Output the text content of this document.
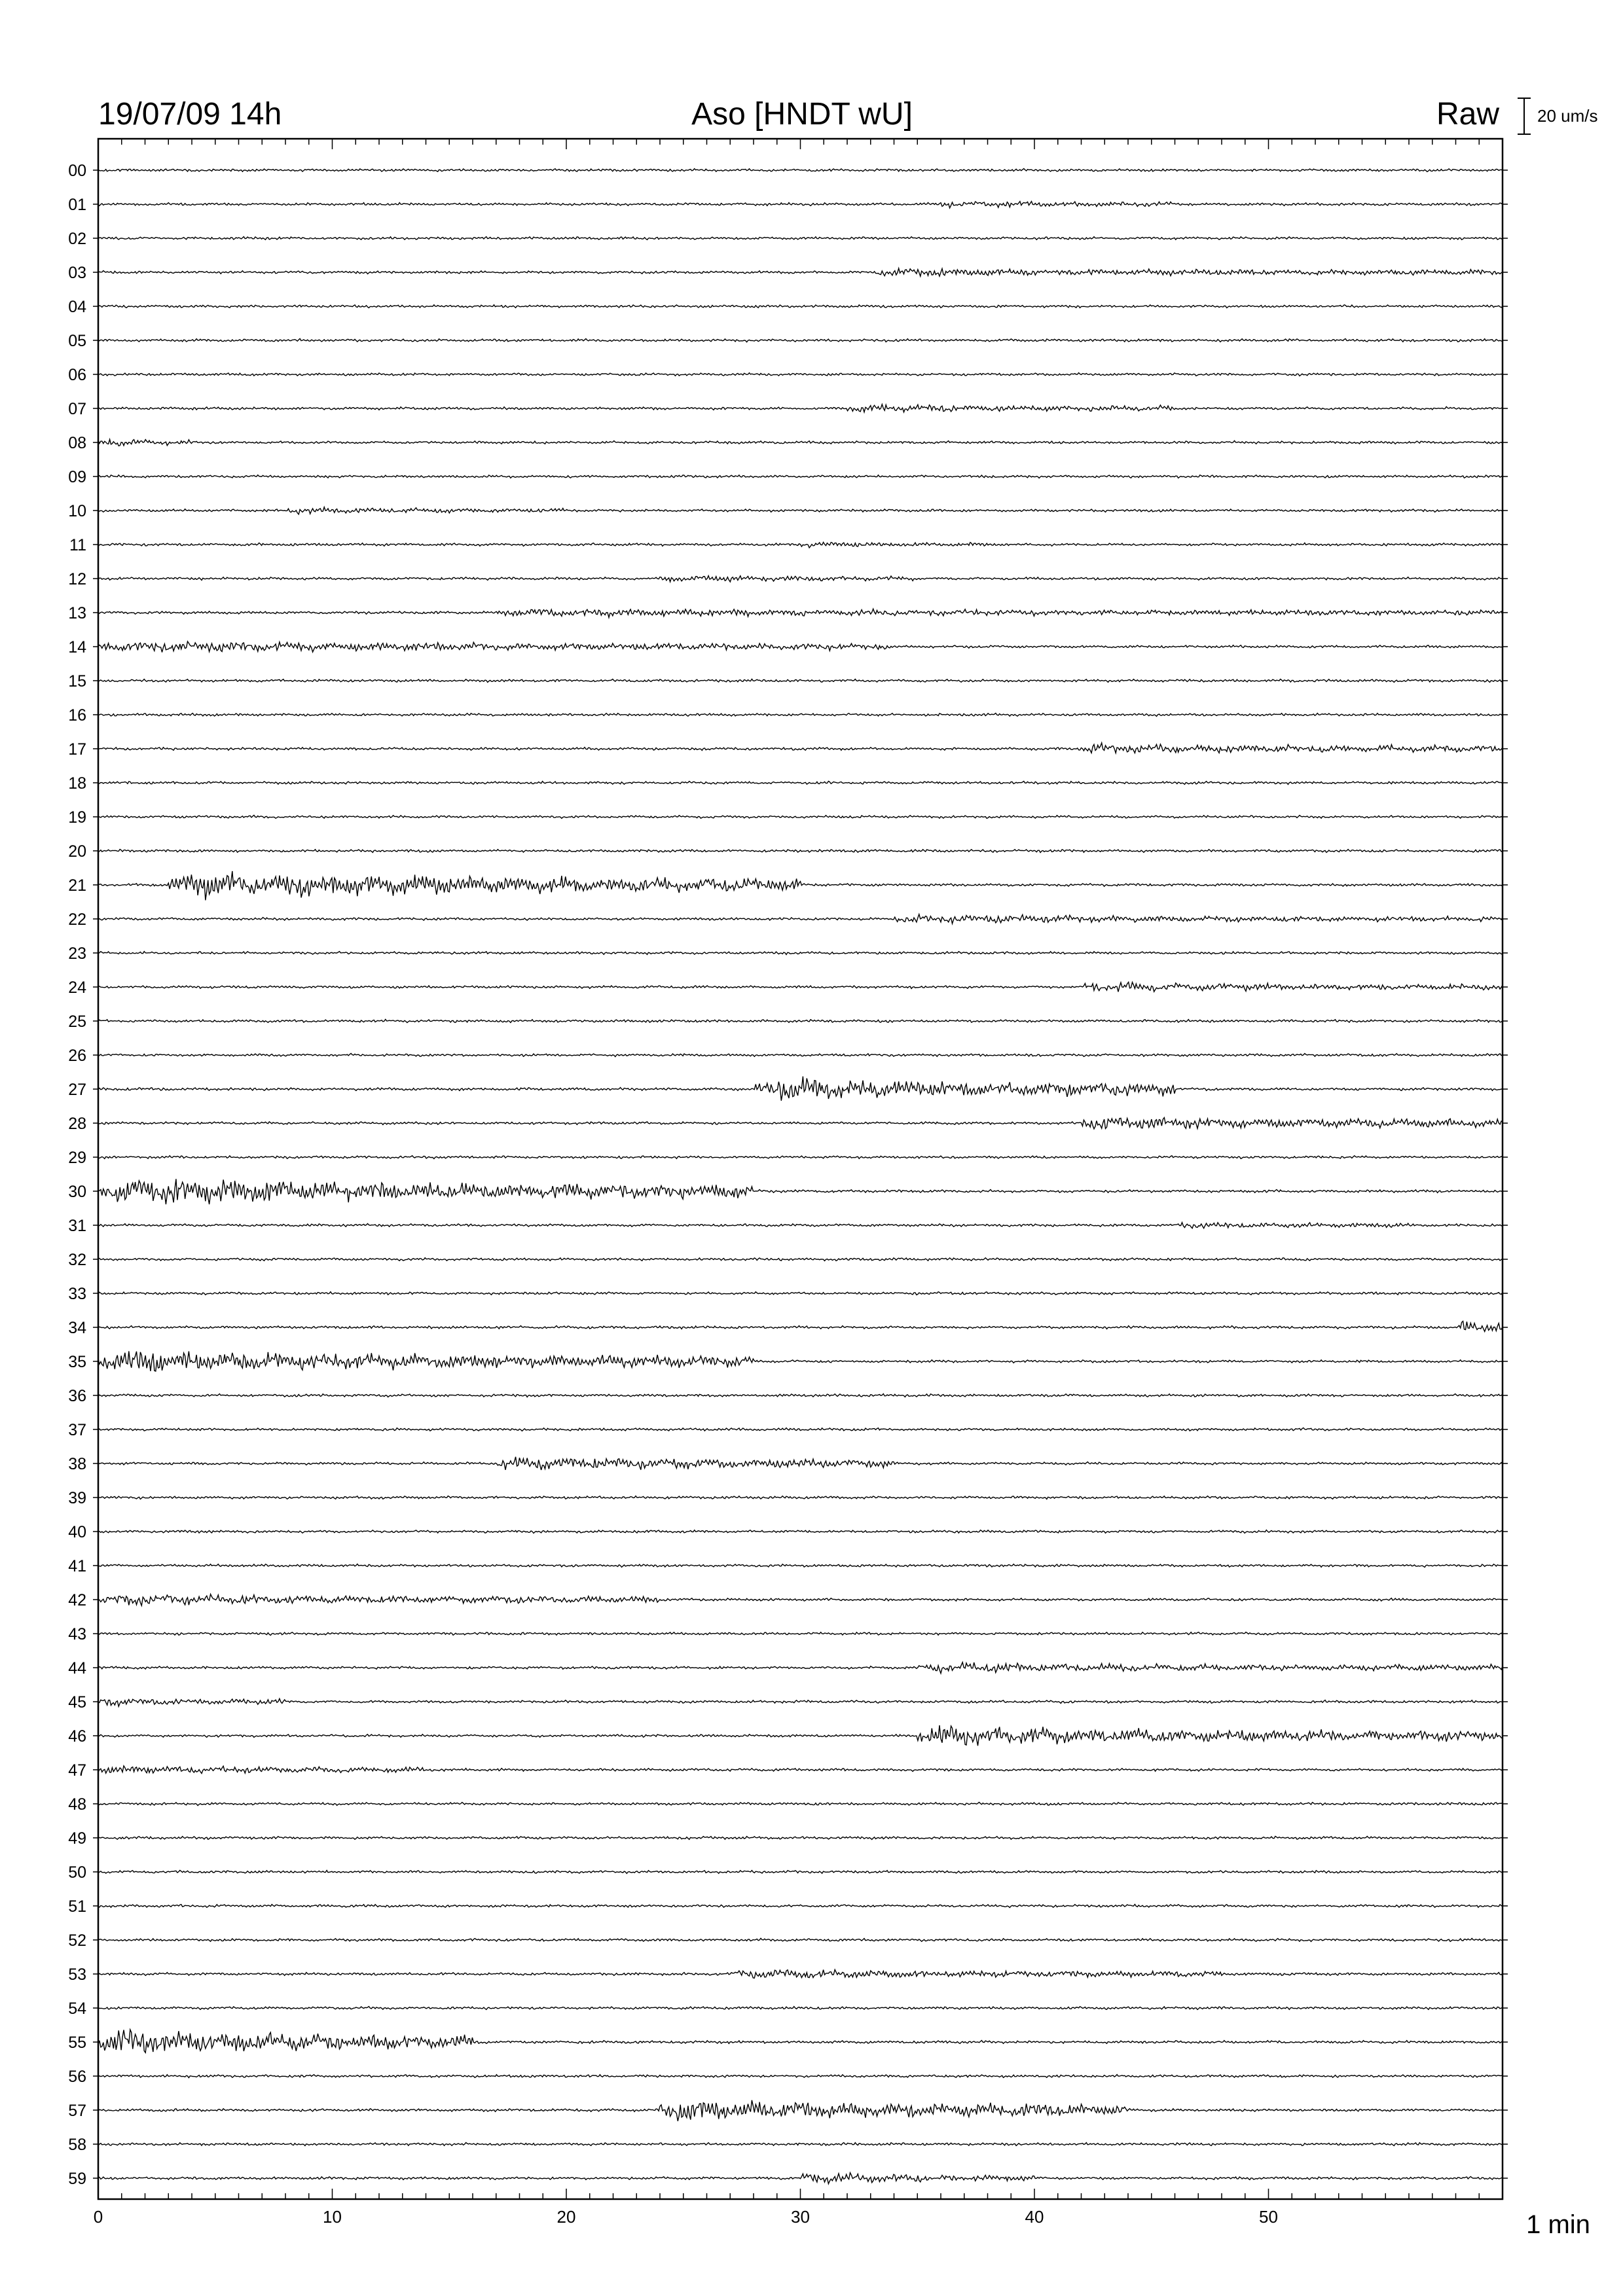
19/07/09 14h	Aso [HNDT wU]	Raw 20 um/s
0	10	20	30	40	50
00
01
02
03
04
05
06
07
08
09
10
11
12
13
14
15
16
17
18
19
20
21
22
23
24
25
26
27
28
29
30
31
32
33
34
35
36
37
38
39
40
41
42
43
44
45
46
47
48
49
50
51
52
53
54
55
56
57
58
59
1 min
